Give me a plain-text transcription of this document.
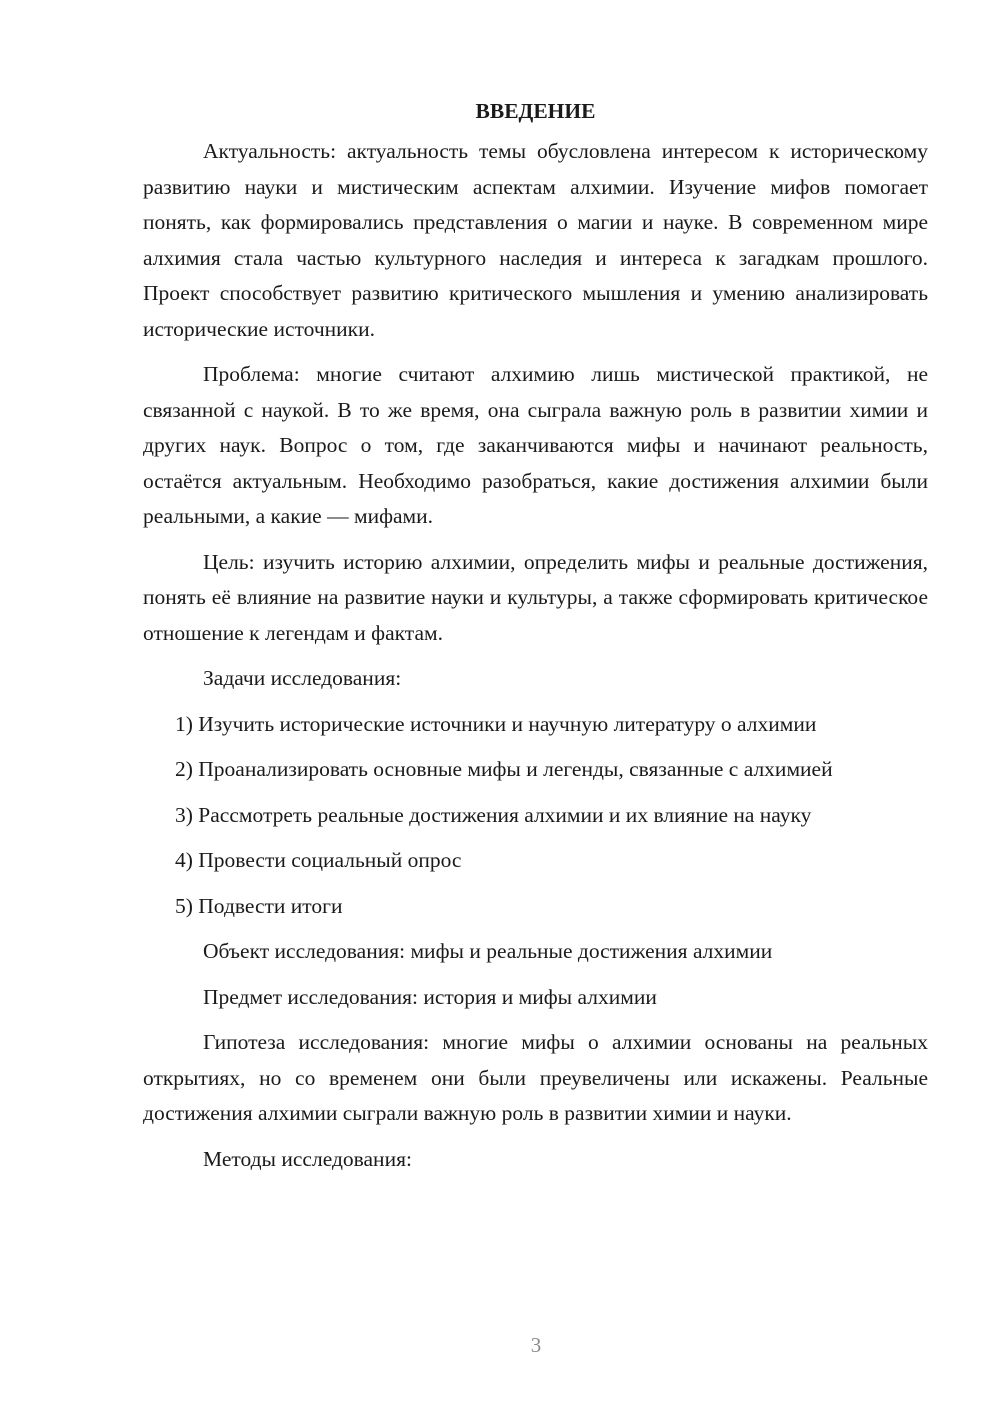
ВВЕДЕНИЕ

Актуальность: актуальность темы обусловлена интересом к историческому развитию науки и мистическим аспектам алхимии. Изучение мифов помогает понять, как формировались представления о магии и науке. В современном мире алхимия стала частью культурного наследия и интереса к загадкам прошлого. Проект способствует развитию критического мышления и умению анализировать исторические источники.

Проблема: многие считают алхимию лишь мистической практикой, не связанной с наукой. В то же время, она сыграла важную роль в развитии химии и других наук. Вопрос о том, где заканчиваются мифы и начинают реальность, остаётся актуальным. Необходимо разобраться, какие достижения алхимии были реальными, а какие — мифами.

Цель: изучить историю алхимии, определить мифы и реальные достижения, понять её влияние на развитие науки и культуры, а также сформировать критическое отношение к легендам и фактам.

Задачи исследования:

1) Изучить исторические источники и научную литературу о алхимии

2) Проанализировать основные мифы и легенды, связанные с алхимией

3) Рассмотреть реальные достижения алхимии и их влияние на науку

4) Провести социальный опрос

5) Подвести итоги

Объект исследования: мифы и реальные достижения алхимии

Предмет исследования: история и мифы алхимии

Гипотеза исследования: многие мифы о алхимии основаны на реальных открытиях, но со временем они были преувеличены или искажены. Реальные достижения алхимии сыграли важную роль в развитии химии и науки.

Методы исследования:

3
